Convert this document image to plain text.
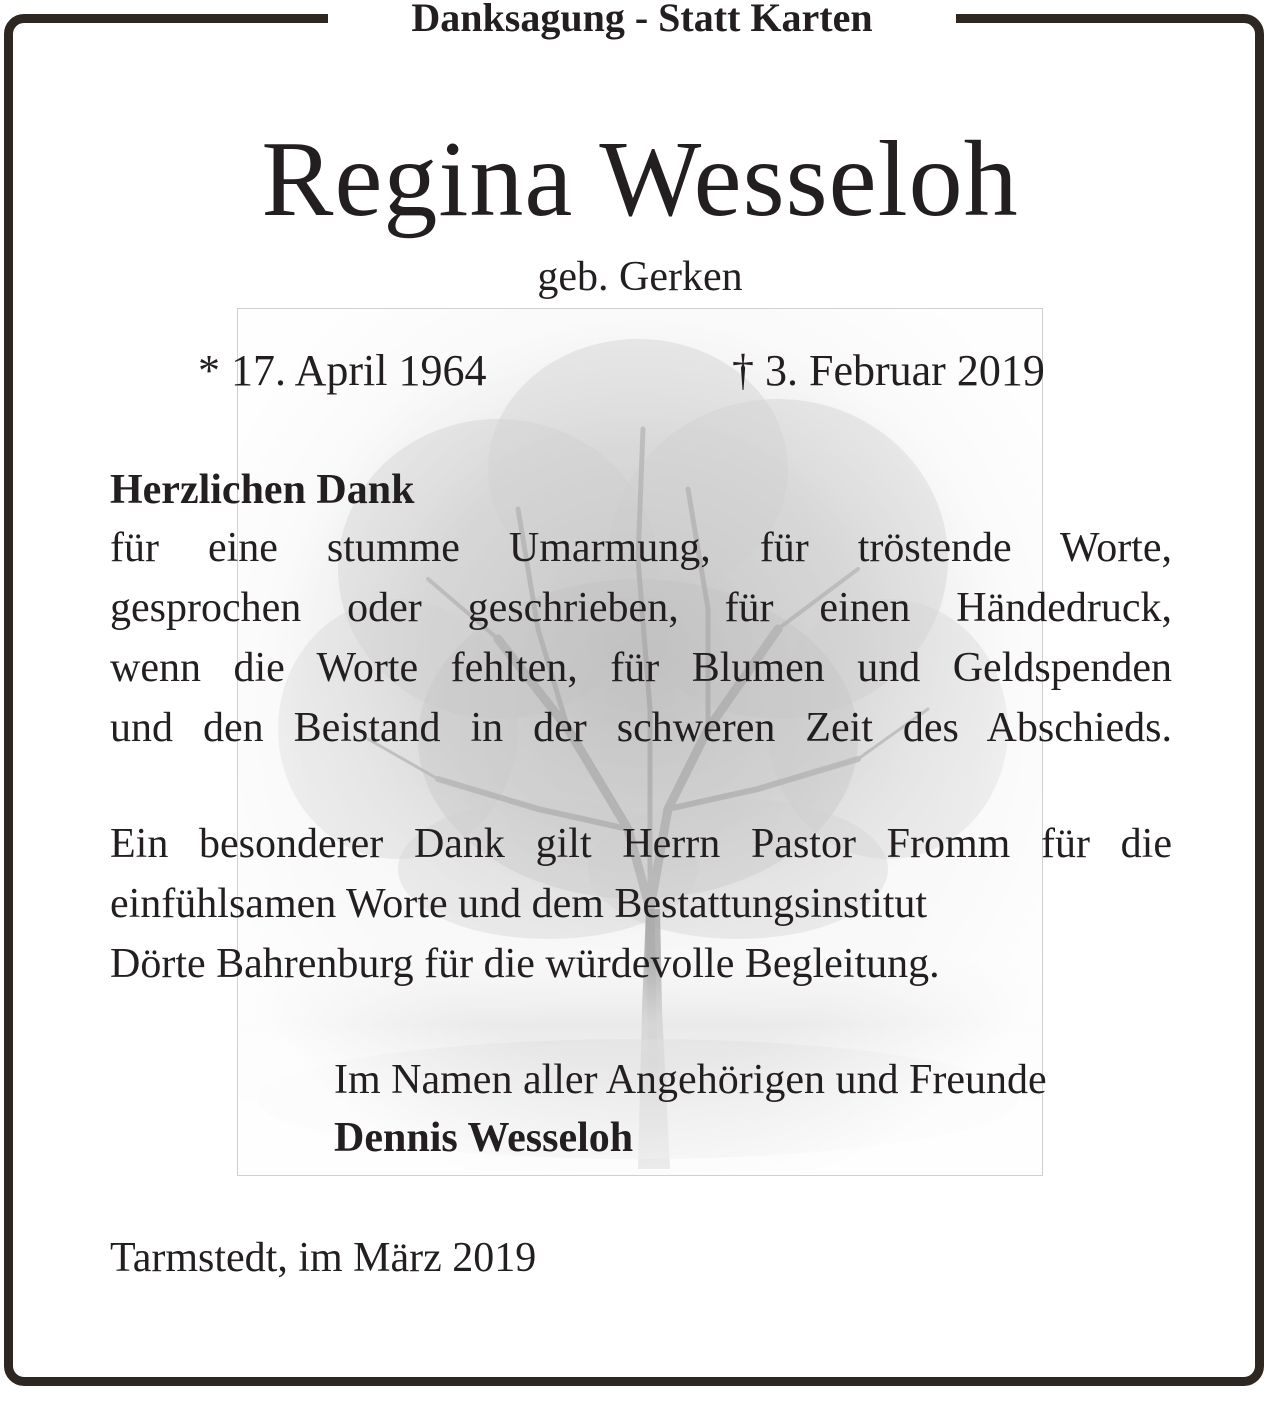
Danksagung - Statt Karten
Regina Wesseloh
geb. Gerken
* 17. April 1964	† 3. Februar 2019
Herzlichen Dank
für eine stumme Umarmung, für tröstende Worte,
gesprochen oder geschrieben, für einen Händedruck,
wenn die Worte fehlten, für Blumen und Geldspenden
und den Beistand in der schweren Zeit des Abschieds.
Ein besonderer Dank gilt Herrn Pastor Fromm für die
einfühlsamen Worte und dem Bestattungsinstitut
Dörte Bahrenburg für die würdevolle Begleitung.
Im Namen aller Angehörigen und Freunde
Dennis Wesseloh
Tarmstedt, im März 2019
